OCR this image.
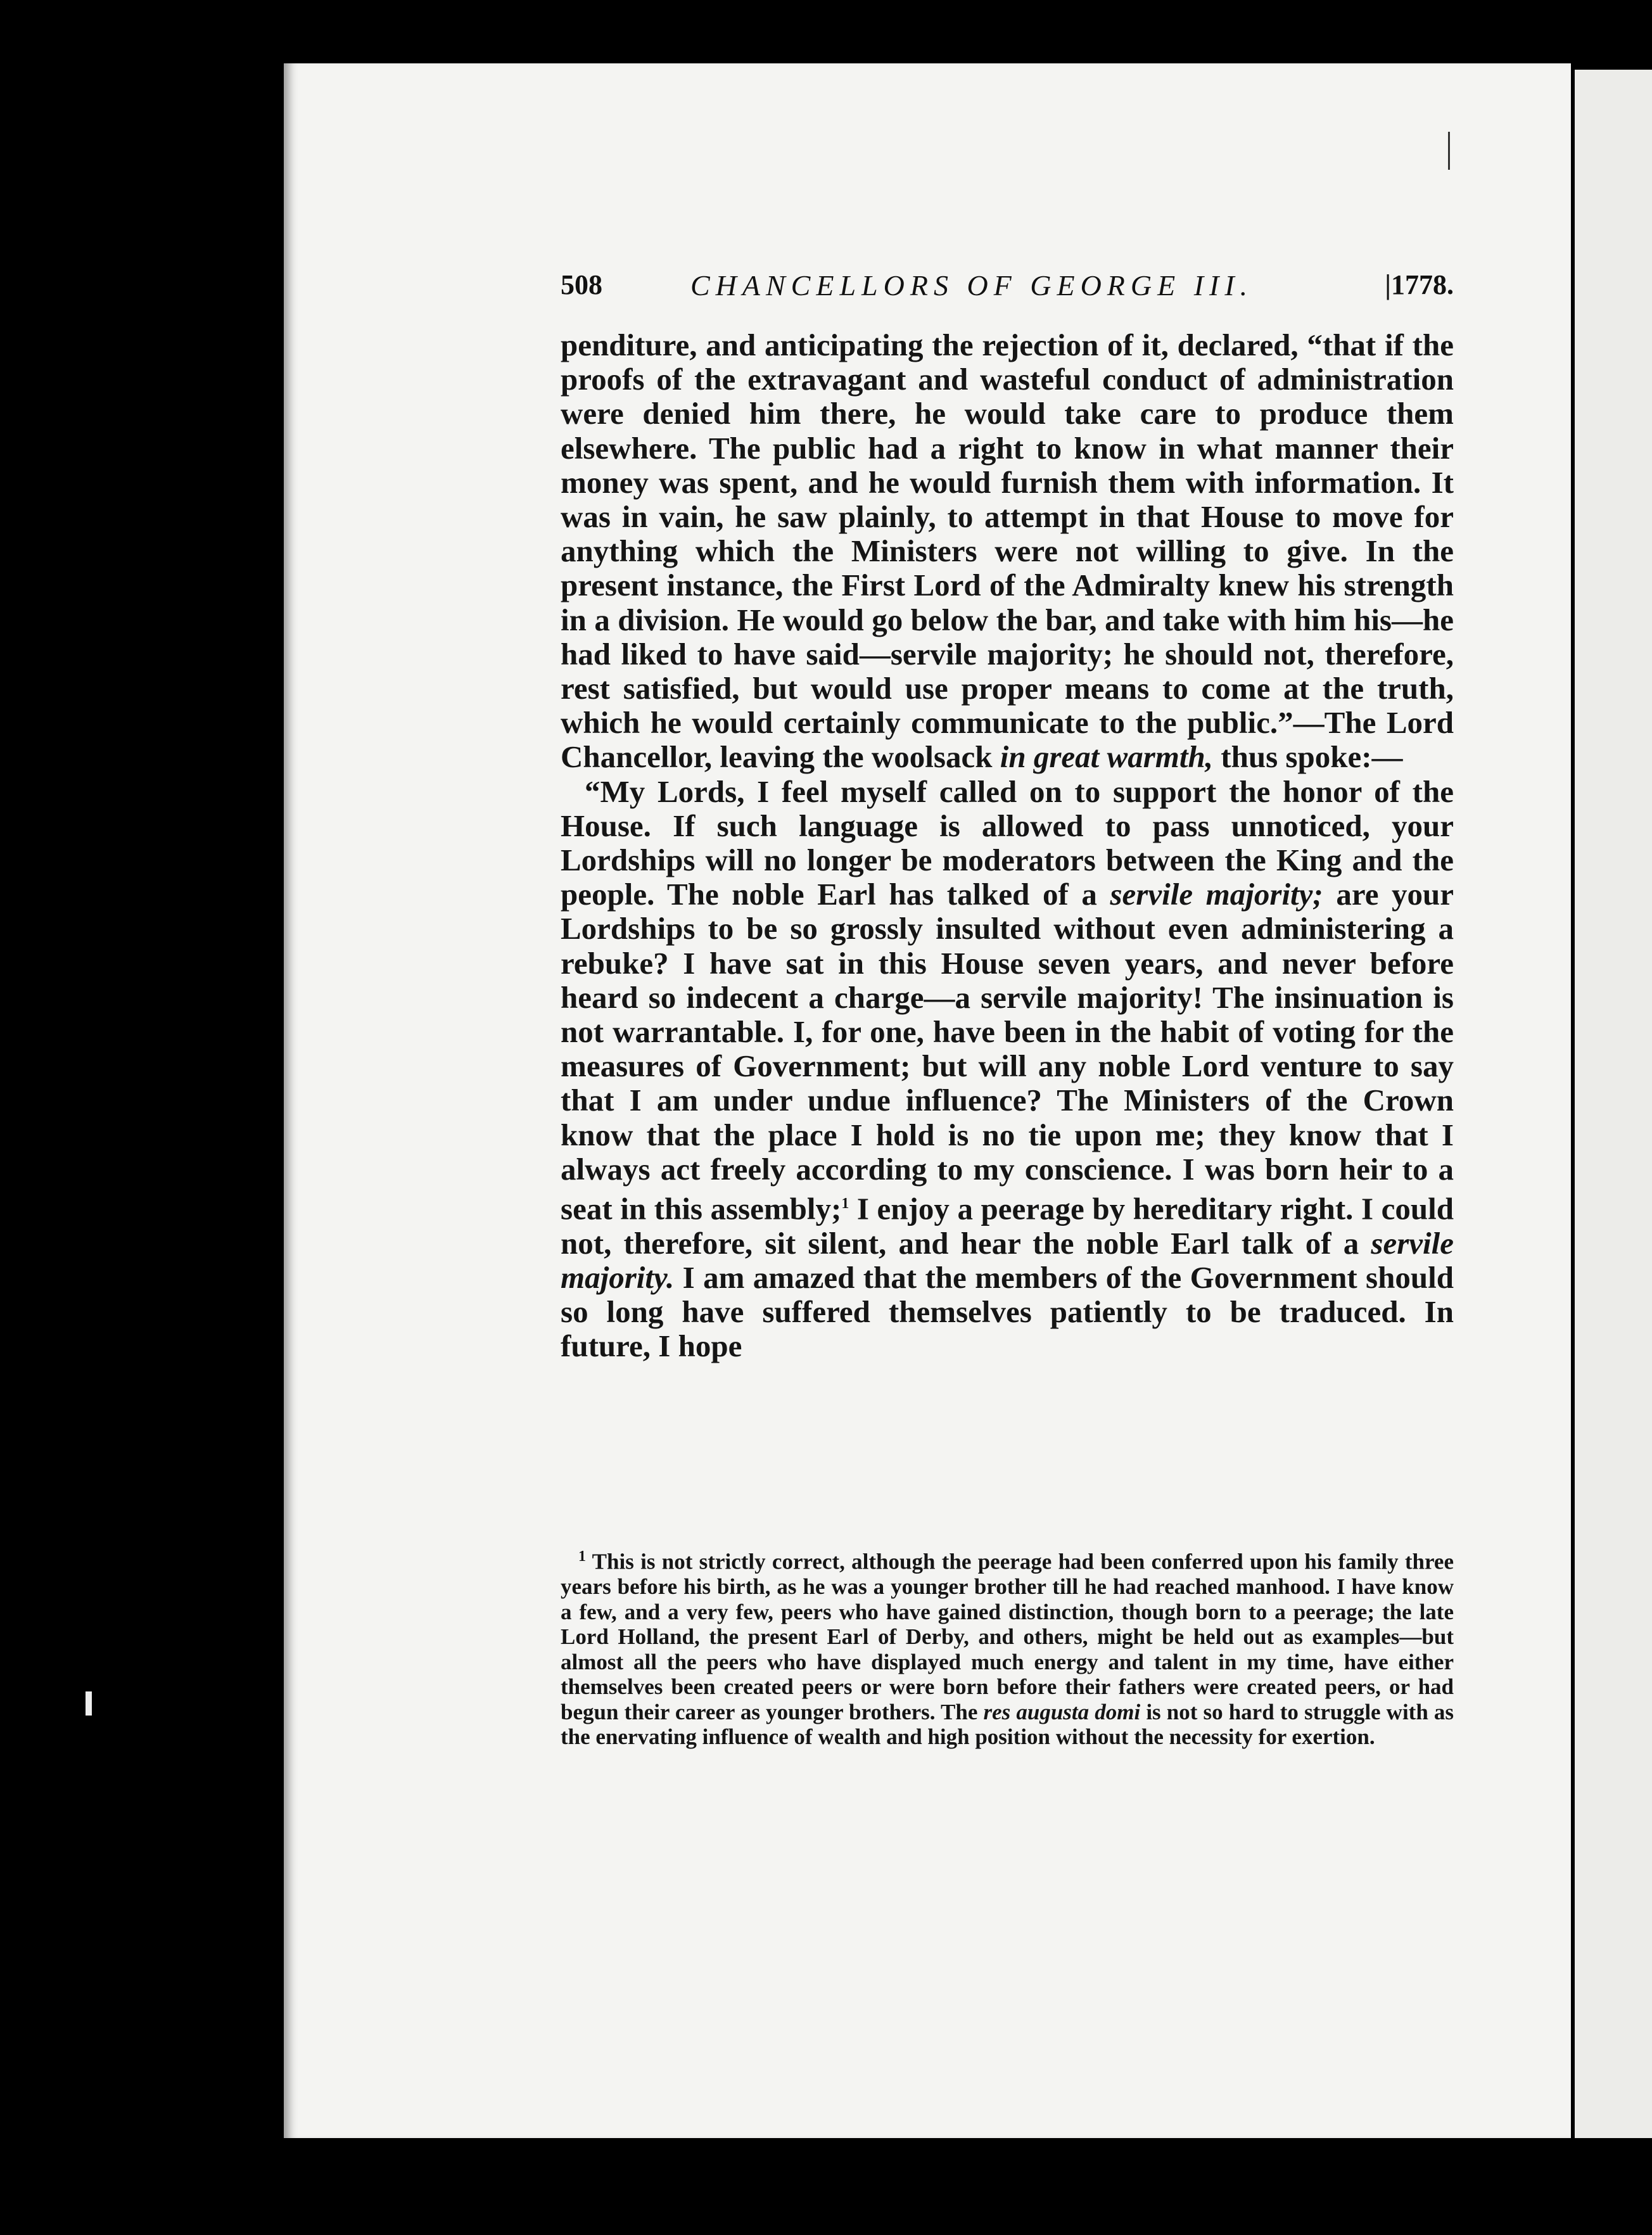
508	CHANCELLORS OF GEORGE III.	|1778.

penditure, and anticipating the rejection of it, declared, “that if the proofs of the extravagant and wasteful conduct of administration were denied him there, he would take care to produce them elsewhere. The public had a right to know in what manner their money was spent, and he would furnish them with information. It was in vain, he saw plainly, to attempt in that House to move for anything which the Ministers were not willing to give. In the present instance, the First Lord of the Admiralty knew his strength in a division. He would go below the bar, and take with him his—he had liked to have said—servile majority; he should not, therefore, rest satisfied, but would use proper means to come at the truth, which he would certainly communicate to the public.”—The Lord Chancellor, leaving the woolsack in great warmth, thus spoke:—

“My Lords, I feel myself called on to support the honor of the House. If such language is allowed to pass unnoticed, your Lordships will no longer be moderators between the King and the people. The noble Earl has talked of a servile majority; are your Lordships to be so grossly insulted without even administering a rebuke? I have sat in this House seven years, and never before heard so indecent a charge—a servile majority! The insinuation is not warrantable. I, for one, have been in the habit of voting for the measures of Government; but will any noble Lord venture to say that I am under undue influence? The Ministers of the Crown know that the place I hold is no tie upon me; they know that I always act freely according to my conscience. I was born heir to a seat in this assembly;$^1$ I enjoy a peerage by hereditary right. I could not, therefore, sit silent, and hear the noble Earl talk of a servile majority. I am amazed that the members of the Government should so long have suffered themselves patiently to be traduced. In future, I hope

$^1$ This is not strictly correct, although the peerage had been conferred upon his family three years before his birth, as he was a younger brother till he had reached manhood. I have know a few, and a very few, peers who have gained distinction, though born to a peerage; the late Lord Holland, the present Earl of Derby, and others, might be held out as examples—but almost all the peers who have displayed much energy and talent in my time, have either themselves been created peers or were born before their fathers were created peers, or had begun their career as younger brothers. The res augusta domi is not so hard to struggle with as the enervating influence of wealth and high position without the necessity for exertion.
